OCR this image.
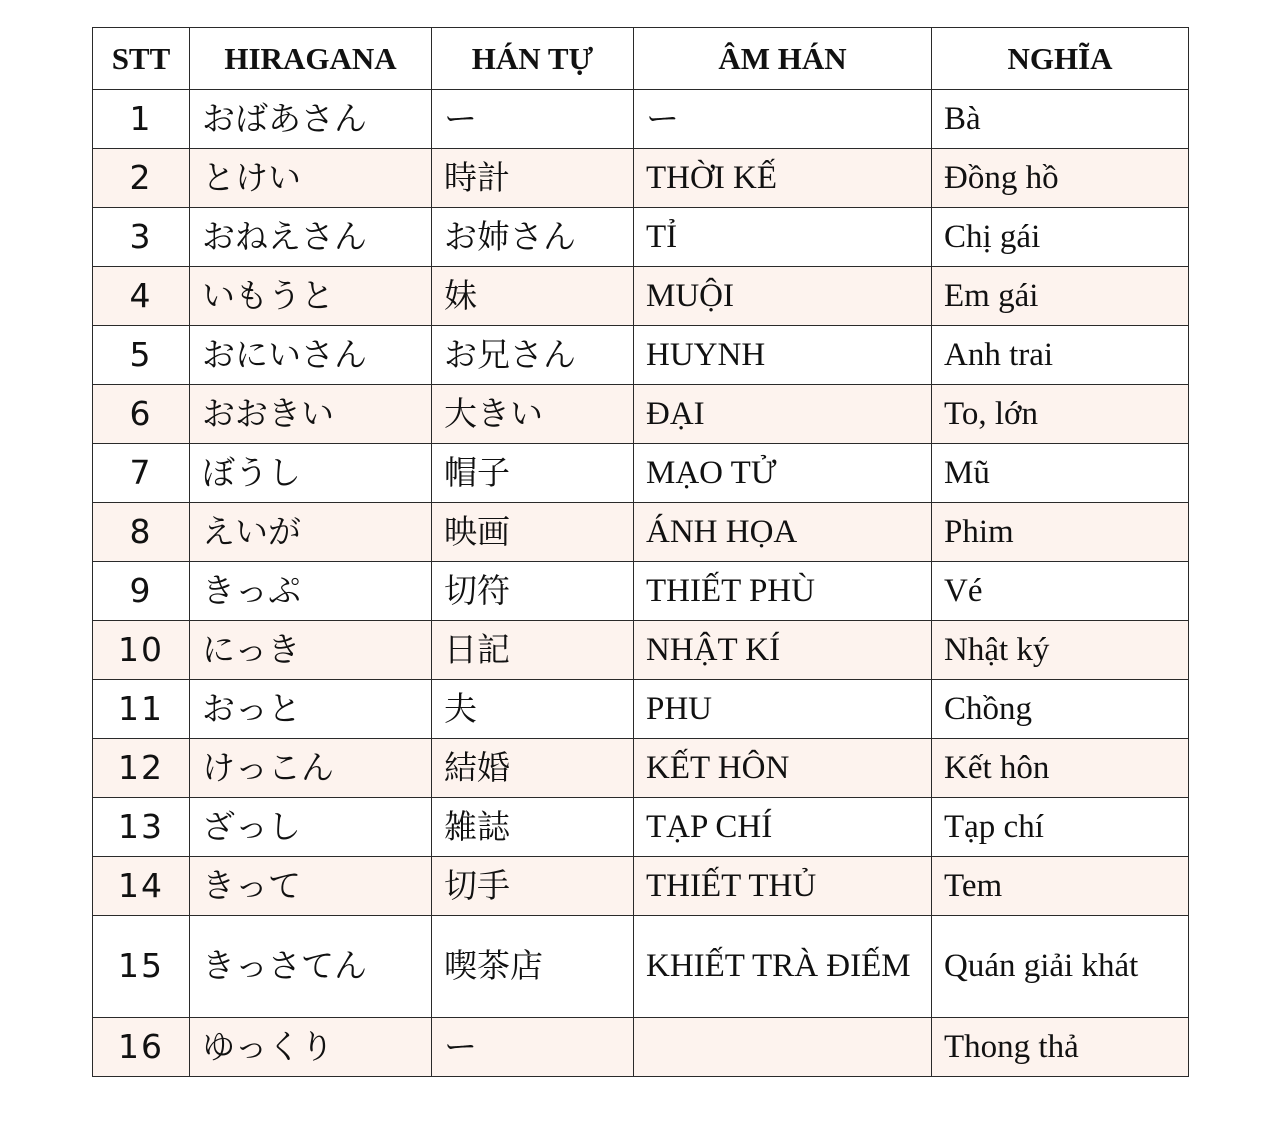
STT	HIRAGANA	HÁN TỰ	ÂM HÁN	NGHĨA
1	おばあさん	ー	ー	Bà
2	とけい	時計	THỜI KẾ	Đồng hồ
3	おねえさん	お姉さん	TỈ	Chị gái
4	いもうと	妹	MUỘI	Em gái
5	おにいさん	お兄さん	HUYNH	Anh trai
6	おおきい	大きい	ĐẠI	To, lớn
7	ぼうし	帽子	MẠO TỬ	Mũ
8	えいが	映画	ÁNH HỌA	Phim
9	きっぷ	切符	THIẾT PHÙ	Vé
10	にっき	日記	NHẬT KÍ	Nhật ký
11	おっと	夫	PHU	Chồng
12	けっこん	結婚	KẾT HÔN	Kết hôn
13	ざっし	雑誌	TẠP CHÍ	Tạp chí
14	きって	切手	THIẾT THỦ	Tem
15	きっさてん	喫茶店	KHIẾT TRÀ ĐIẾM	Quán giải khát
16	ゆっくり	ー		Thong thả
